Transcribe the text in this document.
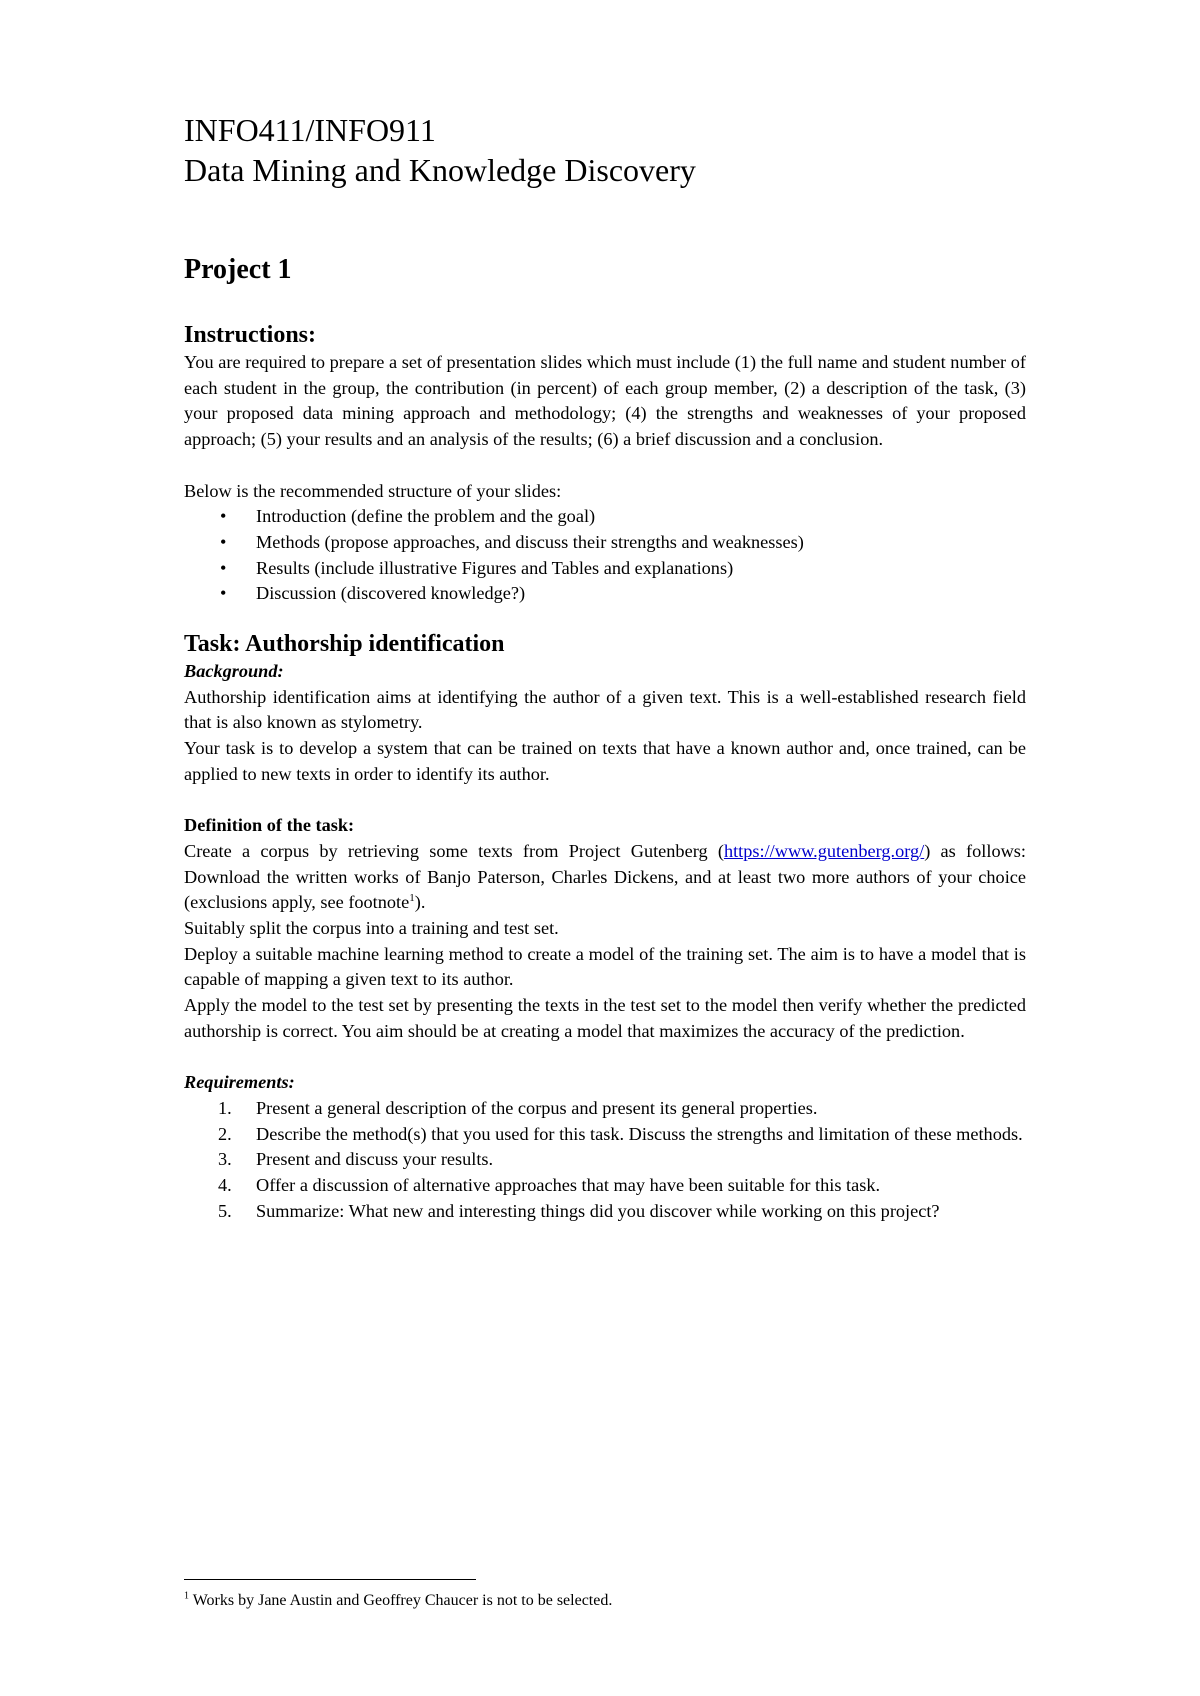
INFO411/INFO911
Data Mining and Knowledge Discovery
Project 1
Instructions:

You are required to prepare a set of presentation slides which must include (1) the full name and student number of each student in the group, the contribution (in percent) of each group member, (2) a description of the task, (3) your proposed data mining approach and methodology; (4) the strengths and weaknesses of your proposed approach; (5) your results and an analysis of the results; (6) a brief discussion and a conclusion.

Below is the recommended structure of your slides:

• Introduction (define the problem and the goal)
• Methods (propose approaches, and discuss their strengths and weaknesses)
• Results (include illustrative Figures and Tables and explanations)
• Discussion (discovered knowledge?)
Task: Authorship identification
Background:

Authorship identification aims at identifying the author of a given text. This is a well-established research field that is also known as stylometry.

Your task is to develop a system that can be trained on texts that have a known author and, once trained, can be applied to new texts in order to identify its author.

Definition of the task:

Create a corpus by retrieving some texts from Project Gutenberg (https://www.gutenberg.org/) as follows: Download the written works of Banjo Paterson, Charles Dickens, and at least two more authors of your choice (exclusions apply, see footnote$^1$).

Suitably split the corpus into a training and test set.

Deploy a suitable machine learning method to create a model of the training set. The aim is to have a model that is capable of mapping a given text to its author.

Apply the model to the test set by presenting the texts in the test set to the model then verify whether the predicted authorship is correct. You aim should be at creating a model that maximizes the accuracy of the prediction.

Requirements:
1. Present a general description of the corpus and present its general properties.
2. Describe the method(s) that you used for this task. Discuss the strengths and limitation of these methods.
3. Present and discuss your results.
4. Offer a discussion of alternative approaches that may have been suitable for this task.
5. Summarize: What new and interesting things did you discover while working on this project?
$^1$ Works by Jane Austin and Geoffrey Chaucer is not to be selected.
